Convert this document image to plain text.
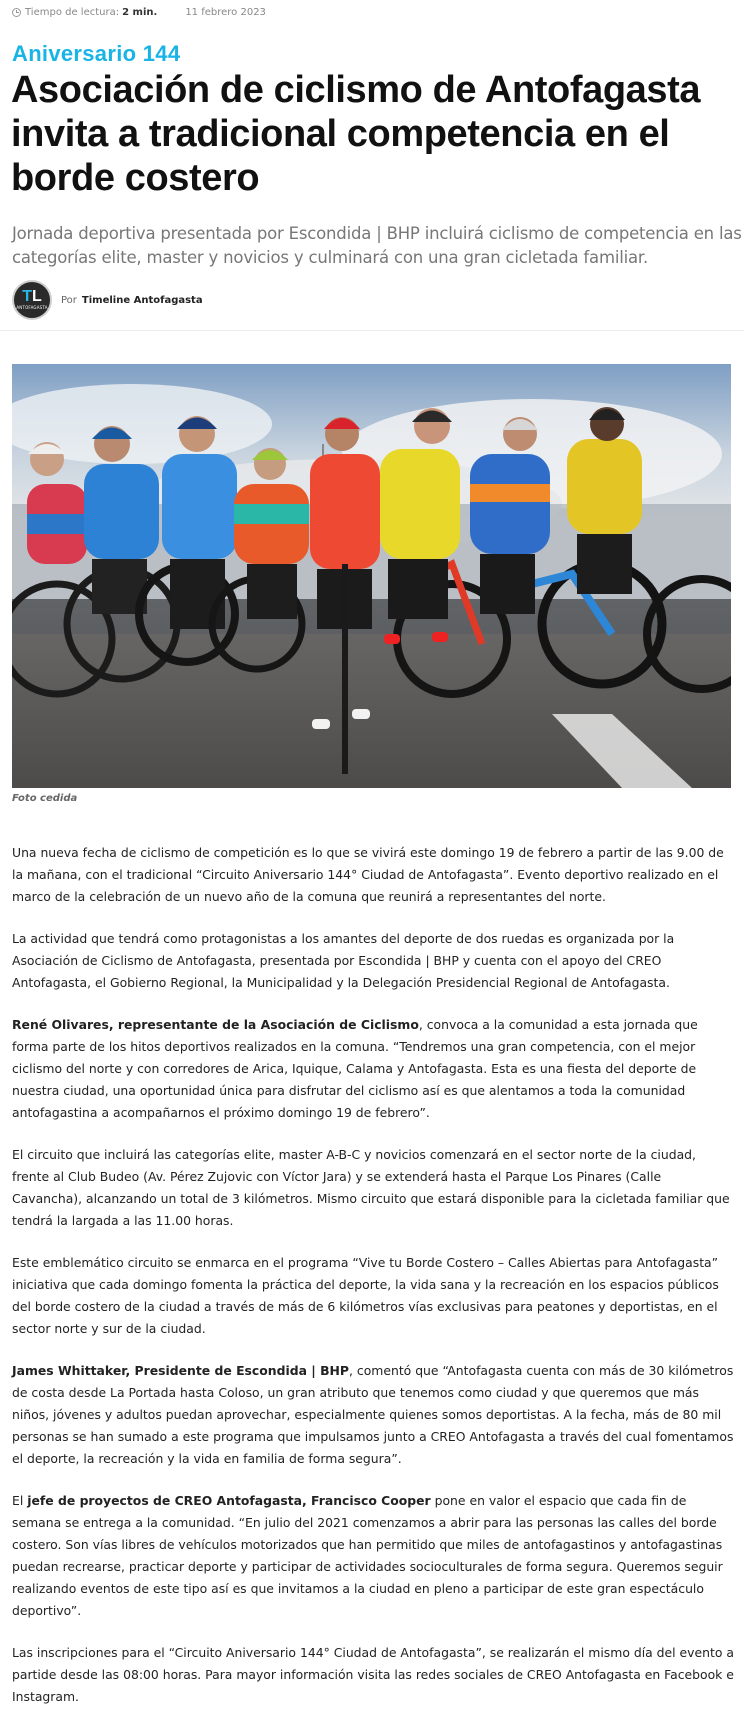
Tiempo de lectura: 2 min.	11 febrero 2023
Aniversario 144
Asociación de ciclismo de Antofagasta invita a tradicional competencia en el borde costero
Jornada deportiva presentada por Escondida | BHP incluirá ciclismo de competencia en las categorías elite, master y novicios y culminará con una gran cicletada familiar.
TL
ANTOFAGASTA
Por Timeline Antofagasta
Foto cedida

Una nueva fecha de ciclismo de competición es lo que se vivirá este domingo 19 de febrero a partir de las 9.00 de la mañana, con el tradicional “Circuito Aniversario 144° Ciudad de Antofagasta”. Evento deportivo realizado en el marco de la celebración de un nuevo año de la comuna que reunirá a representantes del norte.

La actividad que tendrá como protagonistas a los amantes del deporte de dos ruedas es organizada por la Asociación de Ciclismo de Antofagasta, presentada por Escondida | BHP y cuenta con el apoyo del CREO Antofagasta, el Gobierno Regional, la Municipalidad y la Delegación Presidencial Regional de Antofagasta.

René Olivares, representante de la Asociación de Ciclismo, convoca a la comunidad a esta jornada que forma parte de los hitos deportivos realizados en la comuna. “Tendremos una gran competencia, con el mejor ciclismo del norte y con corredores de Arica, Iquique, Calama y Antofagasta. Esta es una fiesta del deporte de nuestra ciudad, una oportunidad única para disfrutar del ciclismo así es que alentamos a toda la comunidad antofagastina a acompañarnos el próximo domingo 19 de febrero”.

El circuito que incluirá las categorías elite, master A-B-C y novicios comenzará en el sector norte de la ciudad, frente al Club Budeo (Av. Pérez Zujovic con Víctor Jara) y se extenderá hasta el Parque Los Pinares (Calle Cavancha), alcanzando un total de 3 kilómetros. Mismo circuito que estará disponible para la cicletada familiar que tendrá la largada a las 11.00 horas.

Este emblemático circuito se enmarca en el programa “Vive tu Borde Costero – Calles Abiertas para Antofagasta” iniciativa que cada domingo fomenta la práctica del deporte, la vida sana y la recreación en los espacios públicos del borde costero de la ciudad a través de más de 6 kilómetros vías exclusivas para peatones y deportistas, en el sector norte y sur de la ciudad.

James Whittaker, Presidente de Escondida | BHP, comentó que “Antofagasta cuenta con más de 30 kilómetros de costa desde La Portada hasta Coloso, un gran atributo que tenemos como ciudad y que queremos que más niños, jóvenes y adultos puedan aprovechar, especialmente quienes somos deportistas. A la fecha, más de 80 mil personas se han sumado a este programa que impulsamos junto a CREO Antofagasta a través del cual fomentamos el deporte, la recreación y la vida en familia de forma segura”.

El jefe de proyectos de CREO Antofagasta, Francisco Cooper pone en valor el espacio que cada fin de semana se entrega a la comunidad. “En julio del 2021 comenzamos a abrir para las personas las calles del borde costero. Son vías libres de vehículos motorizados que han permitido que miles de antofagastinos y antofagastinas puedan recrearse, practicar deporte y participar de actividades socioculturales de forma segura. Queremos seguir realizando eventos de este tipo así es que invitamos a la ciudad en pleno a participar de este gran espectáculo deportivo”.

Las inscripciones para el “Circuito Aniversario 144° Ciudad de Antofagasta”, se realizarán el mismo día del evento a partide desde las 08:00 horas. Para mayor información visita las redes sociales de CREO Antofagasta en Facebook e Instagram.
